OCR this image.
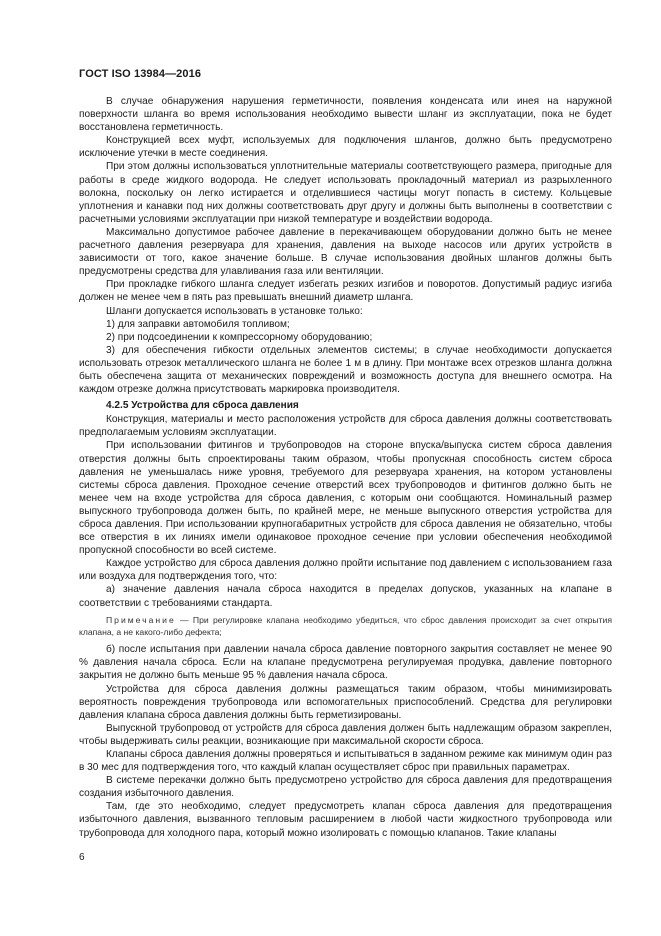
ГОСТ ISO 13984—2016

В случае обнаружения нарушения герметичности, появления конденсата или инея на наружной поверхности шланга во время использования необходимо вывести шланг из эксплуатации, пока не будет восстановлена герметичность.

Конструкцией всех муфт, используемых для подключения шлангов, должно быть предусмотрено исключение утечки в месте соединения.

При этом должны использоваться уплотнительные материалы соответствующего размера, пригодные для работы в среде жидкого водорода. Не следует использовать прокладочный материал из разрыхленного волокна, поскольку он легко истирается и отделившиеся частицы могут попасть в систему. Кольцевые уплотнения и канавки под них должны соответствовать друг другу и должны быть выполнены в соответствии с расчетными условиями эксплуатации при низкой температуре и воздействии водорода.

Максимально допустимое рабочее давление в перекачивающем оборудовании должно быть не менее расчетного давления резервуара для хранения, давления на выходе насосов или других устройств в зависимости от того, какое значение больше. В случае использования двойных шлангов должны быть предусмотрены средства для улавливания газа или вентиляции.

При прокладке гибкого шланга следует избегать резких изгибов и поворотов. Допустимый радиус изгиба должен не менее чем в пять раз превышать внешний диаметр шланга.

Шланги допускается использовать в установке только:

1) для заправки автомобиля топливом;

2) при подсоединении к компрессорному оборудованию;

3) для обеспечения гибкости отдельных элементов системы; в случае необходимости допускается использовать отрезок металлического шланга не более 1 м в длину. При монтаже всех отрезков шланга должна быть обеспечена защита от механических повреждений и возможность доступа для внешнего осмотра. На каждом отрезке должна присутствовать маркировка производителя.

4.2.5 Устройства для сброса давления

Конструкция, материалы и место расположения устройств для сброса давления должны соответствовать предполагаемым условиям эксплуатации.

При использовании фитингов и трубопроводов на стороне впуска/выпуска систем сброса давления отверстия должны быть спроектированы таким образом, чтобы пропускная способность систем сброса давления не уменьшалась ниже уровня, требуемого для резервуара хранения, на котором установлены системы сброса давления. Проходное сечение отверстий всех трубопроводов и фитингов должно быть не менее чем на входе устройства для сброса давления, с которым они сообщаются. Номинальный размер выпускного трубопровода должен быть, по крайней мере, не меньше выпускного отверстия устройства для сброса давления. При использовании крупногабаритных устройств для сброса давления не обязательно, чтобы все отверстия в их линиях имели одинаковое проходное сечение при условии обеспечения необходимой пропускной способности во всей системе.

Каждое устройство для сброса давления должно пройти испытание под давлением с использованием газа или воздуха для подтверждения того, что:

а) значение давления начала сброса находится в пределах допусков, указанных на клапане в соответствии с требованиями стандарта.

Примечание — При регулировке клапана необходимо убедиться, что сброс давления происходит за счет открытия клапана, а не какого-либо дефекта;

б) после испытания при давлении начала сброса давление повторного закрытия составляет не менее 90 % давления начала сброса. Если на клапане предусмотрена регулируемая продувка, давление повторного закрытия не должно быть меньше 95 % давления начала сброса.

Устройства для сброса давления должны размещаться таким образом, чтобы минимизировать вероятность повреждения трубопровода или вспомогательных приспособлений. Средства для регулировки давления клапана сброса давления должны быть герметизированы.

Выпускной трубопровод от устройств для сброса давления должен быть надлежащим образом закреплен, чтобы выдерживать силы реакции, возникающие при максимальной скорости сброса.

Клапаны сброса давления должны проверяться и испытываться в заданном режиме как минимум один раз в 30 мес для подтверждения того, что каждый клапан осуществляет сброс при правильных параметрах.

В системе перекачки должно быть предусмотрено устройство для сброса давления для предотвращения создания избыточного давления.

Там, где это необходимо, следует предусмотреть клапан сброса давления для предотвращения избыточного давления, вызванного тепловым расширением в любой части жидкостного трубопровода или трубопровода для холодного пара, который можно изолировать с помощью клапанов. Такие клапаны

6
